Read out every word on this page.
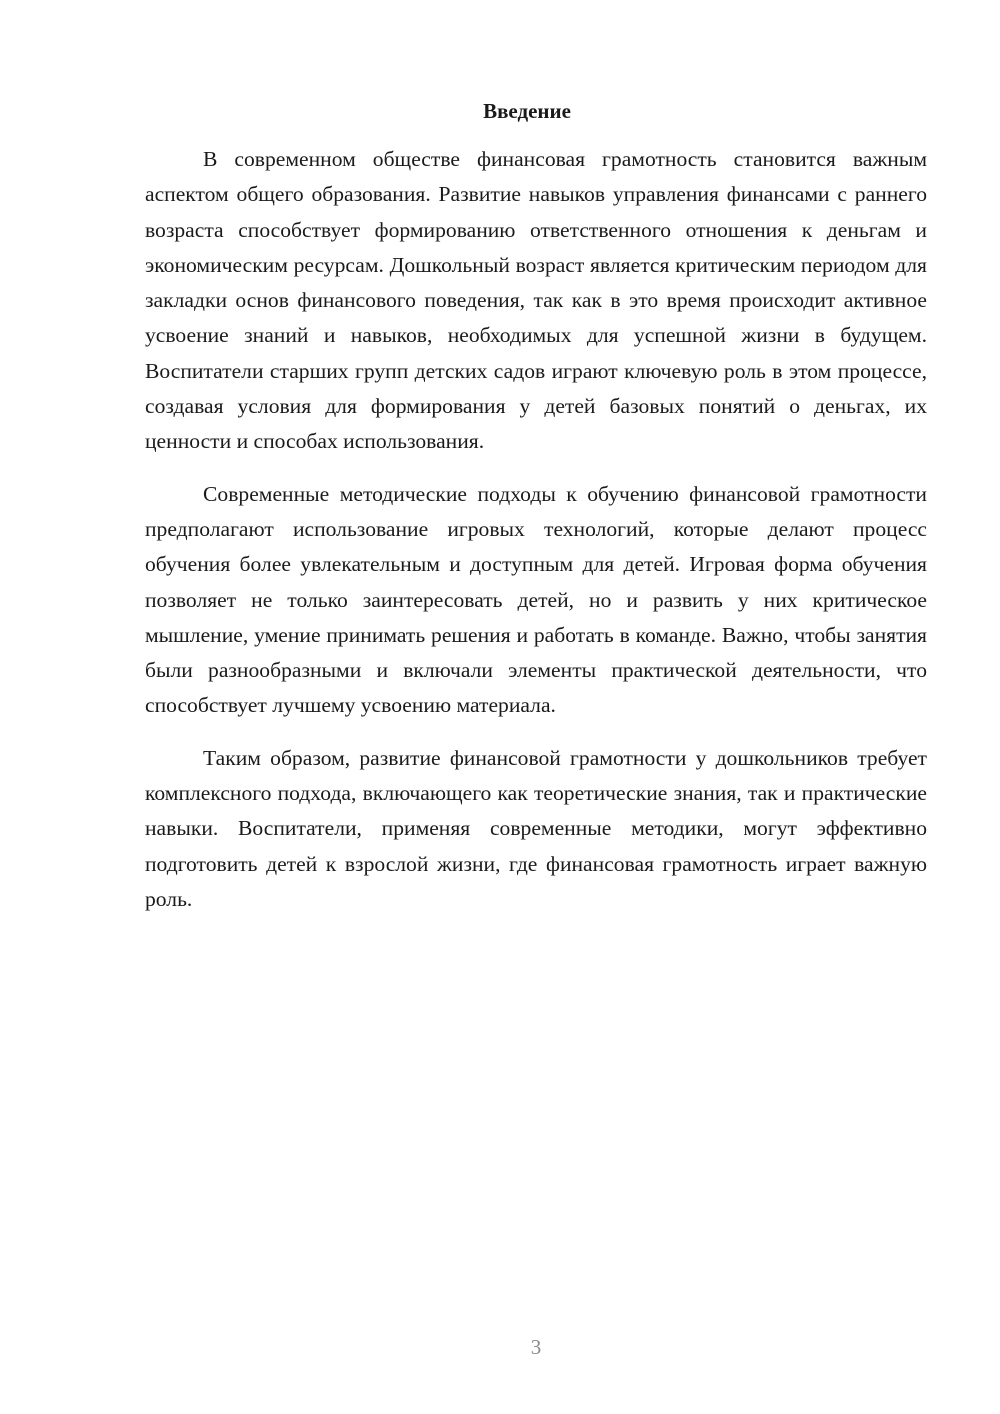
Введение

В современном обществе финансовая грамотность становится важным аспектом общего образования. Развитие навыков управления финансами с раннего возраста способствует формированию ответственного отношения к деньгам и экономическим ресурсам. Дошкольный возраст является критическим периодом для закладки основ финансового поведения, так как в это время происходит активное усвоение знаний и навыков, необходимых для успешной жизни в будущем. Воспитатели старших групп детских садов играют ключевую роль в этом процессе, создавая условия для формирования у детей базовых понятий о деньгах, их ценности и способах использования.

Современные методические подходы к обучению финансовой грамотности предполагают использование игровых технологий, которые делают процесс обучения более увлекательным и доступным для детей. Игровая форма обучения позволяет не только заинтересовать детей, но и развить у них критическое мышление, умение принимать решения и работать в команде. Важно, чтобы занятия были разнообразными и включали элементы практической деятельности, что способствует лучшему усвоению материала.

Таким образом, развитие финансовой грамотности у дошкольников требует комплексного подхода, включающего как теоретические знания, так и практические навыки. Воспитатели, применяя современные методики, могут эффективно подготовить детей к взрослой жизни, где финансовая грамотность играет важную роль.

3
